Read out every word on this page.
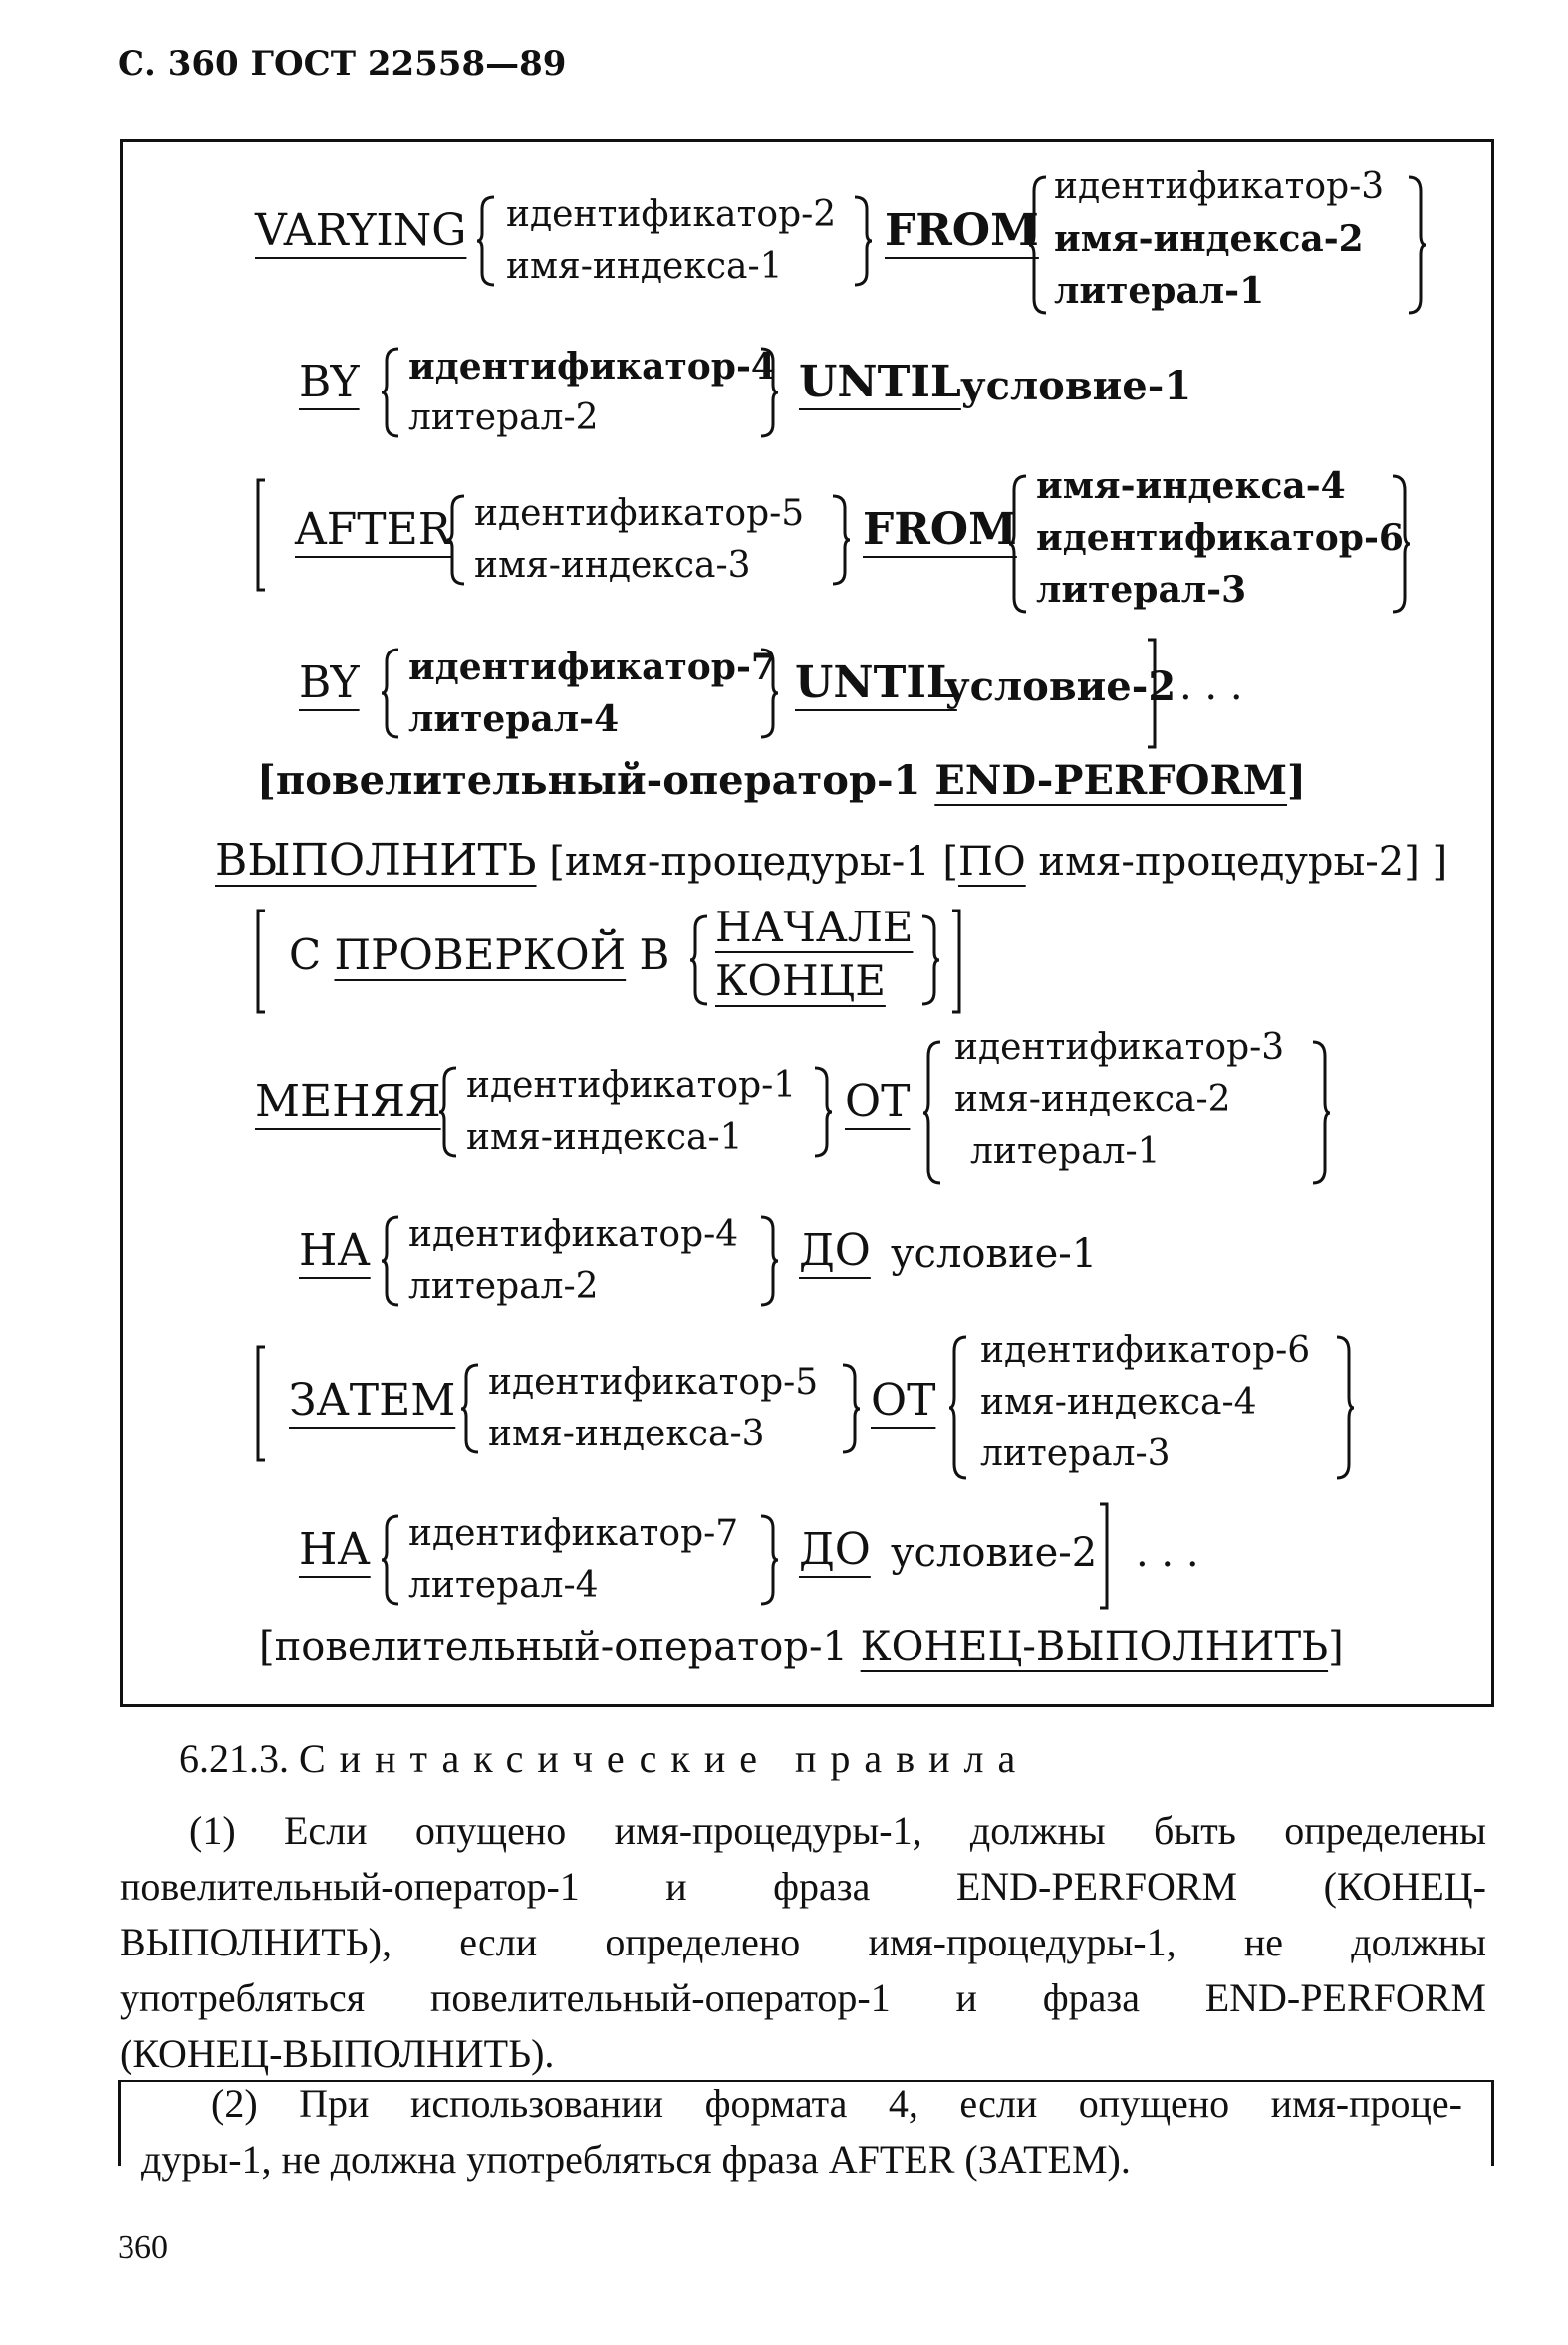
С. 360 ГОСТ 22558—89
VARYING идентификатор-2
имя-индекса-1
FROM
идентификатор-3
имя-индекса-2
литерал-1
BY идентификатор-4
литерал-2
UNTIL условие-1
AFTER идентификатор-5
имя-индекса-3
FROM
имя-индекса-4
идентификатор-6
литерал-3
BY идентификатор-7
литерал-4
UNTIL
условие-2 . . .
[повелительный-оператор-1 END-PERFORM]
ВЫПОЛНИТЬ [имя-процедуры-1 [ПО имя-процедуры-2] ]
С ПРОВЕРКОЙ В
НАЧАЛЕ
КОНЦЕ
МЕНЯЯ идентификатор-1
имя-индекса-1
ОТ
идентификатор-3
имя-индекса-2
литерал-1
НА идентификатор-4
литерал-2
ДО условие-1
ЗАТЕМ идентификатор-5
имя-индекса-3
ОТ
идентификатор-6
имя-индекса-4
литерал-3
НА идентификатор-7
литерал-4
ДО условие-2 . . .
[повелительный-оператор-1 КОНЕЦ-ВЫПОЛНИТЬ]
6.21.3. Синтаксические правила
(1) Если опущено имя-процедуры-1, должны быть определены
повелительный-оператор-1 и фраза END-PERFORM (КОНЕЦ-
ВЫПОЛНИТЬ), если определено имя-процедуры-1, не должны
употребляться повелительный-оператор-1 и фраза END-PERFORM
(КОНЕЦ-ВЫПОЛНИТЬ).
(2) При использовании формата 4, если опущено имя-проце-
дуры-1, не должна употребляться фраза AFTER (ЗАТЕМ).
360
